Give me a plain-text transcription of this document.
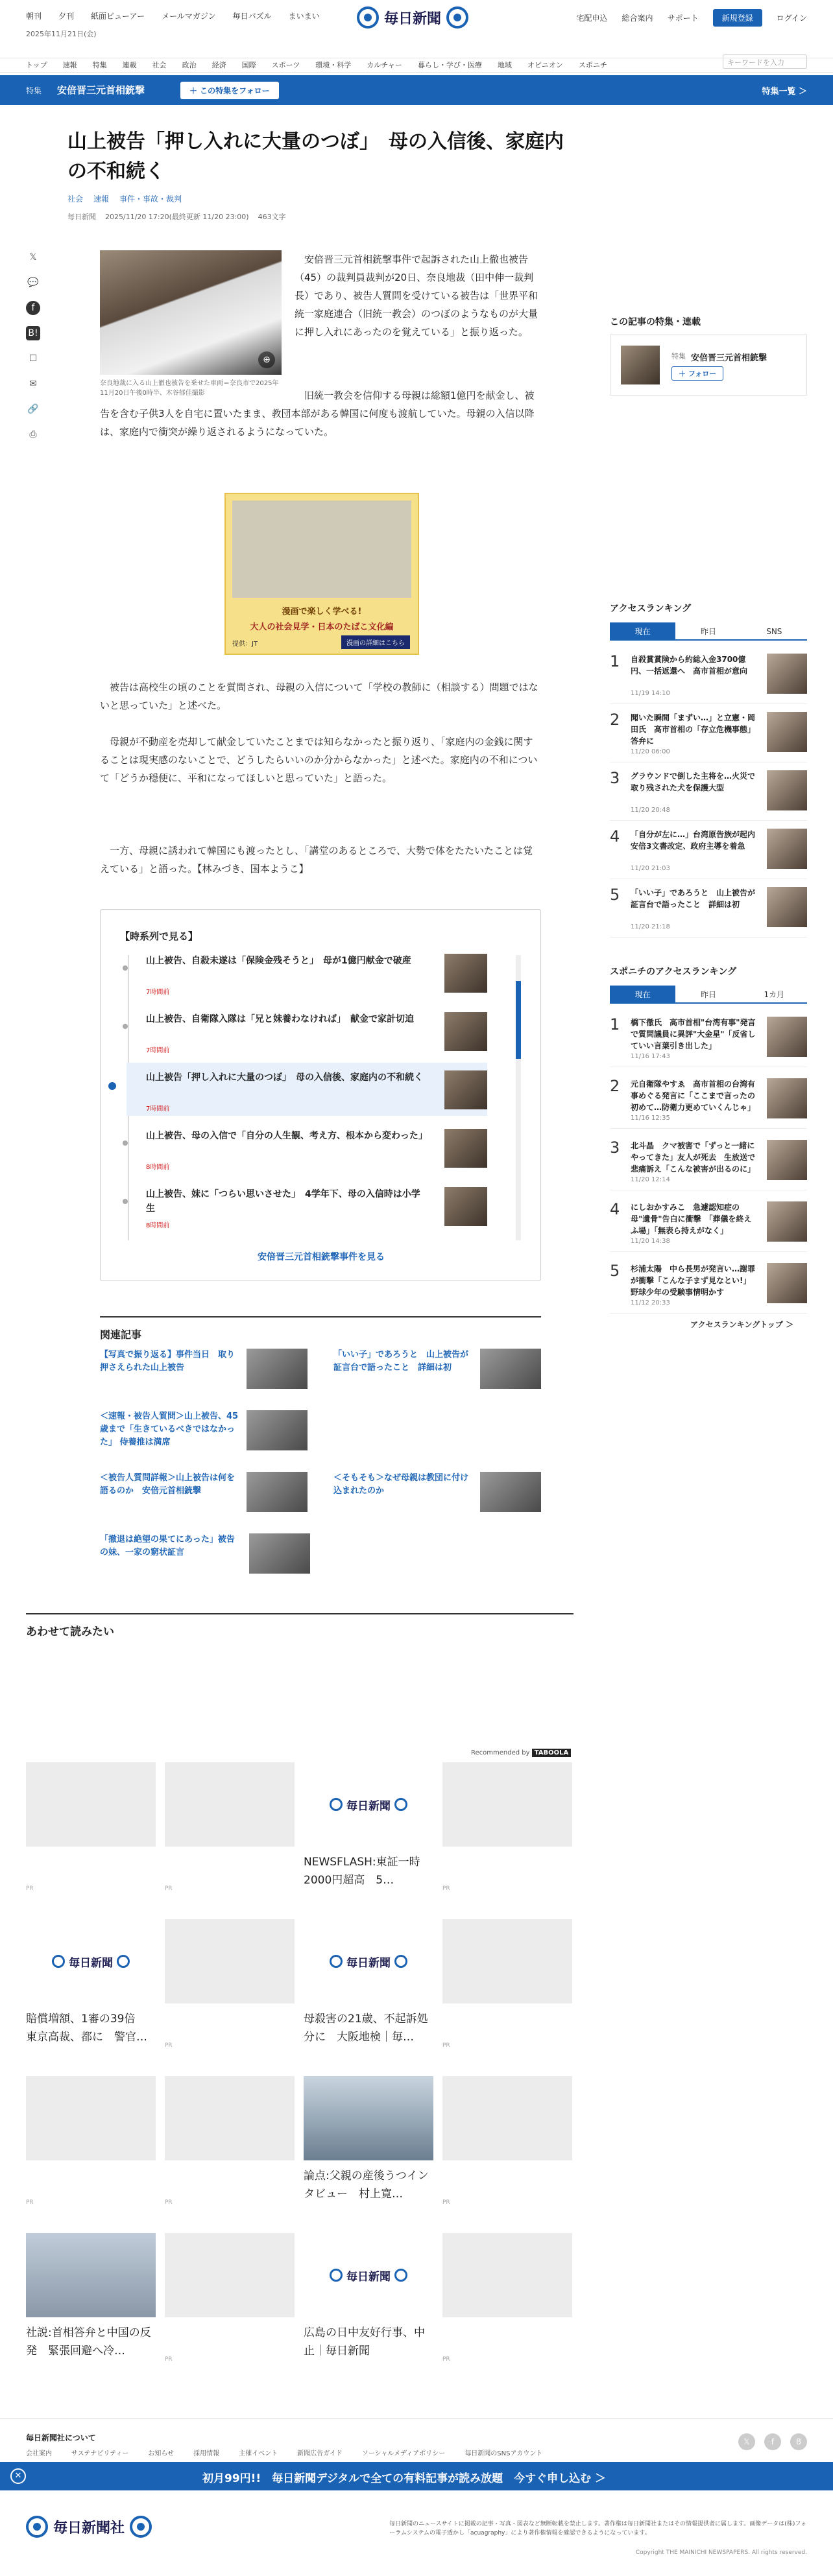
朝刊 夕刊 紙面ビューアー メールマガジン 毎日パズル まいまい
2025年11月21日(金)
毎日新聞	宅配申込 総合案内 サポート	新規登録	ログイン
トップ 速報 特集 連載 社会 政治 経済 国際 スポーツ 環境・科学 カルチャー 暮らし・学び・医療 地域 オピニオン スポニチ	キーワードを入力
特集 安倍晋三元首相銃撃	＋ この特集をフォロー	特集一覧 ＞
山上被告「押し入れに大量のつぼ」　母の入信後、家庭内の不和続く
社会 速報 事件・事故・裁判
毎日新聞 2025/11/20 17:20(最終更新 11/20 23:00) 463文字
𝕏
💬
f
B!
☐
✉
🔗
⎙
⊕
奈良地裁に入る山上徹也被告を乗せた車両＝奈良市で2025年11月20日午後0時半、木谷郁佳撮影

　安倍晋三元首相銃撃事件で起訴された山上徹也被告（45）の裁判員裁判が20日、奈良地裁（田中伸一裁判長）であり、被告人質問を受けている被告は「世界平和統一家庭連合（旧統一教会）のつぼのようなものが大量に押し入れにあったのを覚えている」と振り返った。

　旧統一教会を信仰する母親は総額1億円を献金し、被告を含む子供3人を自宅に置いたまま、教団本部がある韓国に何度も渡航していた。母親の入信以降は、家庭内で衝突が繰り返されるようになっていた。

漫画で楽しく学べる!
大人の社会見学・日本のたばこ文化編
提供：JT	漫画の詳細はこちら

　被告は高校生の頃のことを質問され、母親の入信について「学校の教師に（相談する）問題ではないと思っていた」と述べた。

　母親が不動産を売却して献金していたことまでは知らなかったと振り返り、「家庭内の金銭に関することは現実感のないことで、どうしたらいいのか分からなかった」と述べた。家庭内の不和について「どうか穏便に、平和になってほしいと思っていた」と語った。

　一方、母親に誘われて韓国にも渡ったとし、「講堂のあるところで、大勢で体をたたいたことは覚えている」と語った。【林みづき、国本ようこ】

【時系列で見る】
山上被告、自殺未遂は「保険金残そうと」　母が1億円献金で破産
7時間前
山上被告、自衛隊入隊は「兄と妹養わなければ」　献金で家計切迫
7時間前
山上被告「押し入れに大量のつぼ」　母の入信後、家庭内の不和続く
7時間前
山上被告、母の入信で「自分の人生観、考え方、根本から変わった」
8時間前
山上被告、妹に「つらい思いさせた」　4学年下、母の入信時は小学生
8時間前
安倍晋三元首相銃撃事件を見る
関連記事
【写真で振り返る】事件当日　取り押さえられた山上被告
「いい子」であろうと　山上被告が証言台で語ったこと　詳細は初
＜速報・被告人質問＞山上被告、45歳まで「生きているべきではなかった」 侍養推は満席
＜被告人質問詳報＞山上被告は何を語るのか　安倍元首相銃撃
＜そもそも＞なぜ母親は教団に付け込まれたのか
「撤退は絶望の果てにあった」被告の妹、一家の窮状証言
この記事の特集・連載
特集 安倍晋三元首相銃撃
＋ フォロー
アクセスランキング
現在	昨日	SNS
1 自殺賞賞険から約総入金3700億円、一括返還へ　高市首相が意向
11/19 14:10
2 聞いた瞬間「まずい…」と立憲・岡田氏　高市首相の「存立危機事態」答弁に
11/20 06:00
3 グラウンドで倒した主将を…火災で取り残された犬を保護大型
11/20 20:48
4 「自分が左に…」台湾原告族が起内　安倍3文書改定、政府主導を着急
11/20 21:03
5 「いい子」であろうと　山上被告が証言台で語ったこと　詳細は初
11/20 21:18
スポニチのアクセスランキング
現在	昨日	1カ月
1 橋下徹氏　高市首相"台湾有事"発言で質問議員に異評"大金星"「反省していい言葉引き出した」
11/16 17:43
2 元自衛隊やすゑ　高市首相の台湾有事めぐる発言に「ここまで言ったの初めて…防衛力更めていくんじゃ」
11/16 12:35
3 北斗晶　クマ被害で「ずっと一緒にやってきた」友人が死去　生放送で悲痛訴え「こんな被害が出るのに」
11/20 12:14
4 にしおかすみこ　急遽認知症の母"遺骨"告白に衝撃　「葬儀を終えふ場」「無表ら持えがなく」
11/20 14:38
5 杉浦太陽　中ら長男が発言い…謝罪が衝撃「こんな子まず見なとい!」 野球少年の受験事情明かす
11/12 20:33
アクセスランキングトップ ＞
あわせて読みたい
Recommended by TABOOLA
PR	PR
毎日新聞
NEWSFLASH:東証一時2000円超高　5…
PR
毎日新聞
賠償増額、1審の39倍　東京高裁、都に　警官…
PR
毎日新聞
母殺害の21歳、不起訴処分に　大阪地検｜毎…
PR
PR	PR
論点:父親の産後うつインタビュー　村上寛…
PR
社説:首相答弁と中国の反発　緊張回避へ冷…
PR
毎日新聞
広島の日中友好行事、中止｜毎日新聞
PR
毎日新聞社について
会社案内	サステナビリティー	お知らせ	採用情報	主催イベント	新聞広告ガイド	ソーシャルメディアポリシー	毎日新聞のSNSアカウント
𝕏	f	B
✕	初月99円!!　毎日新聞デジタルで全ての有料記事が読み放題　今すぐ申し込む ＞
毎日新聞社	毎日新聞のニュースサイトに掲載の記事・写真・図表など無断転載を禁止します。著作権は毎日新聞社またはその情報提供者に属します。画像データは(株)フォーラムシステムの電子透かし「acuagraphy」により著作権情報を確認できるようになっています。
Copyright THE MAINICHI NEWSPAPERS. All rights reserved.
